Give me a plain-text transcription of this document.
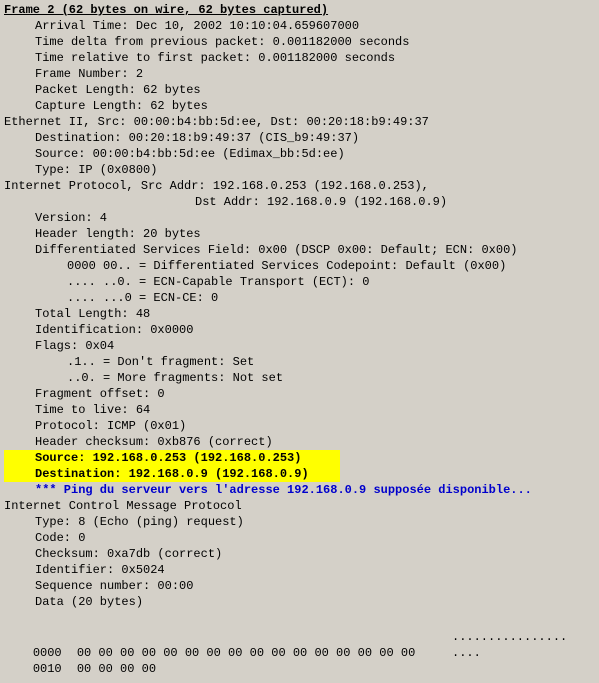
Frame 2 (62 bytes on wire, 62 bytes captured)
Arrival Time: Dec 10, 2002 10:10:04.659607000
Time delta from previous packet: 0.001182000 seconds
Time relative to first packet: 0.001182000 seconds
Frame Number: 2
Packet Length: 62 bytes
Capture Length: 62 bytes
Ethernet II, Src: 00:00:b4:bb:5d:ee, Dst: 00:20:18:b9:49:37
Destination: 00:20:18:b9:49:37 (CIS_b9:49:37)
Source: 00:00:b4:bb:5d:ee (Edimax_bb:5d:ee)
Type: IP (0x0800)
Internet Protocol, Src Addr: 192.168.0.253 (192.168.0.253),
Dst Addr: 192.168.0.9 (192.168.0.9)
Version: 4
Header length: 20 bytes
Differentiated Services Field: 0x00 (DSCP 0x00: Default; ECN: 0x00)
0000 00.. = Differentiated Services Codepoint: Default (0x00)
.... ..0. = ECN-Capable Transport (ECT): 0
.... ...0 = ECN-CE: 0
Total Length: 48
Identification: 0x0000
Flags: 0x04
.1.. = Don't fragment: Set
..0. = More fragments: Not set
Fragment offset: 0
Time to live: 64
Protocol: ICMP (0x01)
Header checksum: 0xb876 (correct)
Source: 192.168.0.253 (192.168.0.253)
Destination: 192.168.0.9 (192.168.0.9)
*** Ping du serveur vers l'adresse 192.168.0.9 supposée disponible...
Internet Control Message Protocol
Type: 8 (Echo (ping) request)
Code: 0
Checksum: 0xa7db (correct)
Identifier: 0x5024
Sequence number: 00:00
Data (20 bytes)

0000 00 00 00 00 00 00 00 00 00 00 00 00 00 00 00 00

................

0010 00 00 00 00

....
